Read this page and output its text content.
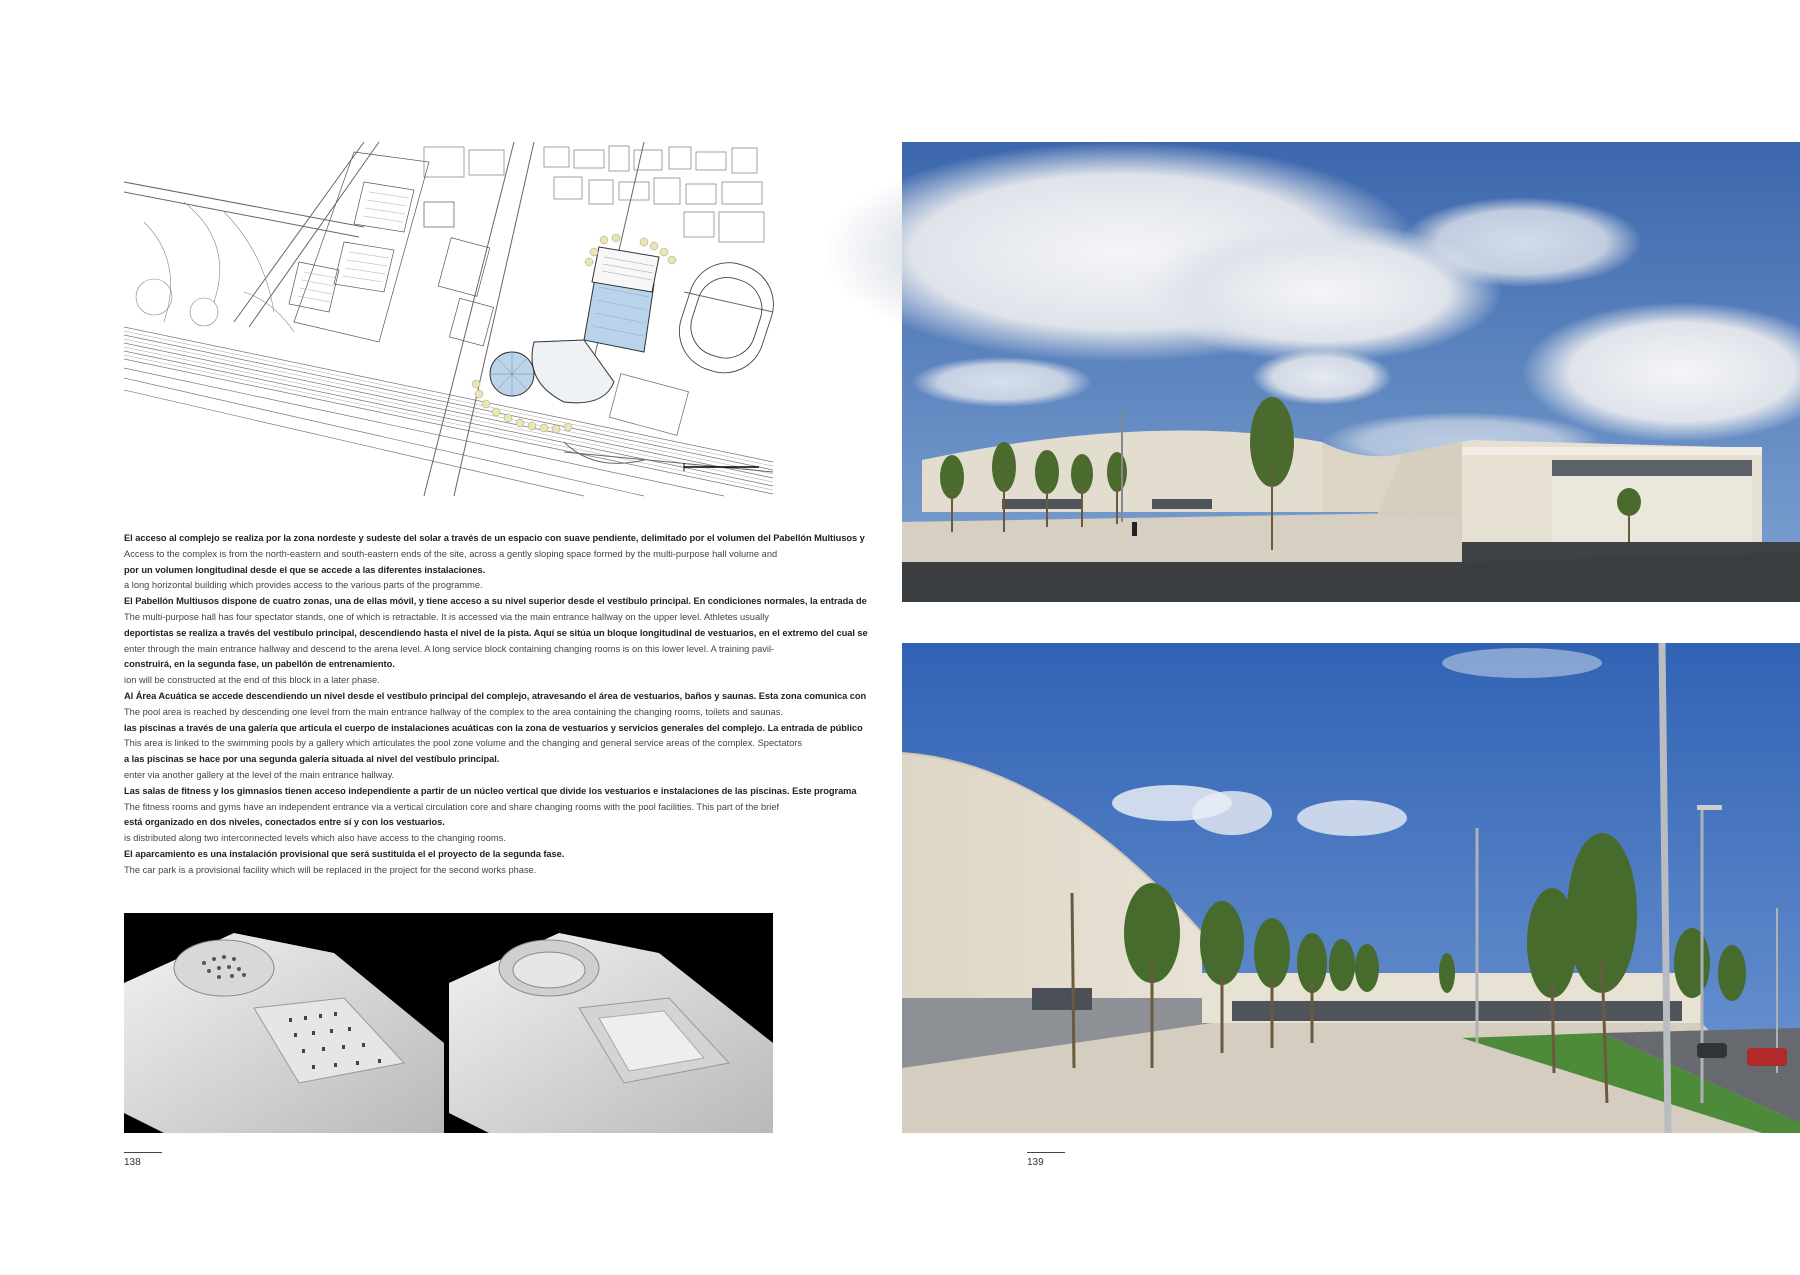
El acceso al complejo se realiza por la zona nordeste y sudeste del solar a través de un espacio con suave pendiente, delimitado por el volumen del Pabellón Multiusos y

Access to the complex is from the north-eastern and south-eastern ends of the site, across a gently sloping space formed by the multi-purpose hall volume and

por un volumen longitudinal desde el que se accede a las diferentes instalaciones.

a long horizontal building which provides access to the various parts of the programme.

El Pabellón Multiusos dispone de cuatro zonas, una de ellas móvil, y tiene acceso a su nivel superior desde el vestíbulo principal. En condiciones normales, la entrada de

The multi-purpose hall has four spectator stands, one of which is retractable. It is accessed via the main entrance hallway on the upper level. Athletes usually

deportistas se realiza a través del vestíbulo principal, descendiendo hasta el nivel de la pista. Aquí se sitúa un bloque longitudinal de vestuarios, en el extremo del cual se

enter through the main entrance hallway and descend to the arena level. A long service block containing changing rooms is on this lower level. A training pavil-

construirá, en la segunda fase, un pabellón de entrenamiento.

ion will be constructed at the end of this block in a later phase.

Al Área Acuática se accede descendiendo un nivel desde el vestíbulo principal del complejo, atravesando el área de vestuarios, baños y saunas. Esta zona comunica con

The pool area is reached by descending one level from the main entrance hallway of the complex to the area containing the changing rooms, toilets and saunas.

las piscinas a través de una galería que articula el cuerpo de instalaciones acuáticas con la zona de vestuarios y servicios generales del complejo. La entrada de público

This area is linked to the swimming pools by a gallery which articulates the pool zone volume and the changing and general service areas of the complex. Spectators

a las piscinas se hace por una segunda galería situada al nivel del vestíbulo principal.

enter via another gallery at the level of the main entrance hallway.

Las salas de fitness y los gimnasios tienen acceso independiente a partir de un núcleo vertical que divide los vestuarios e instalaciones de las piscinas. Este programa

The fitness rooms and gyms have an independent entrance via a vertical circulation core and share changing rooms with the pool facilities. This part of the brief

está organizado en dos niveles, conectados entre sí y con los vestuarios.

is distributed along two interconnected levels which also have access to the changing rooms.

El aparcamiento es una instalación provisional que será sustituida el el proyecto de la segunda fase.

The car park is a provisional facility which will be replaced in the project for the second works phase.

138	139
